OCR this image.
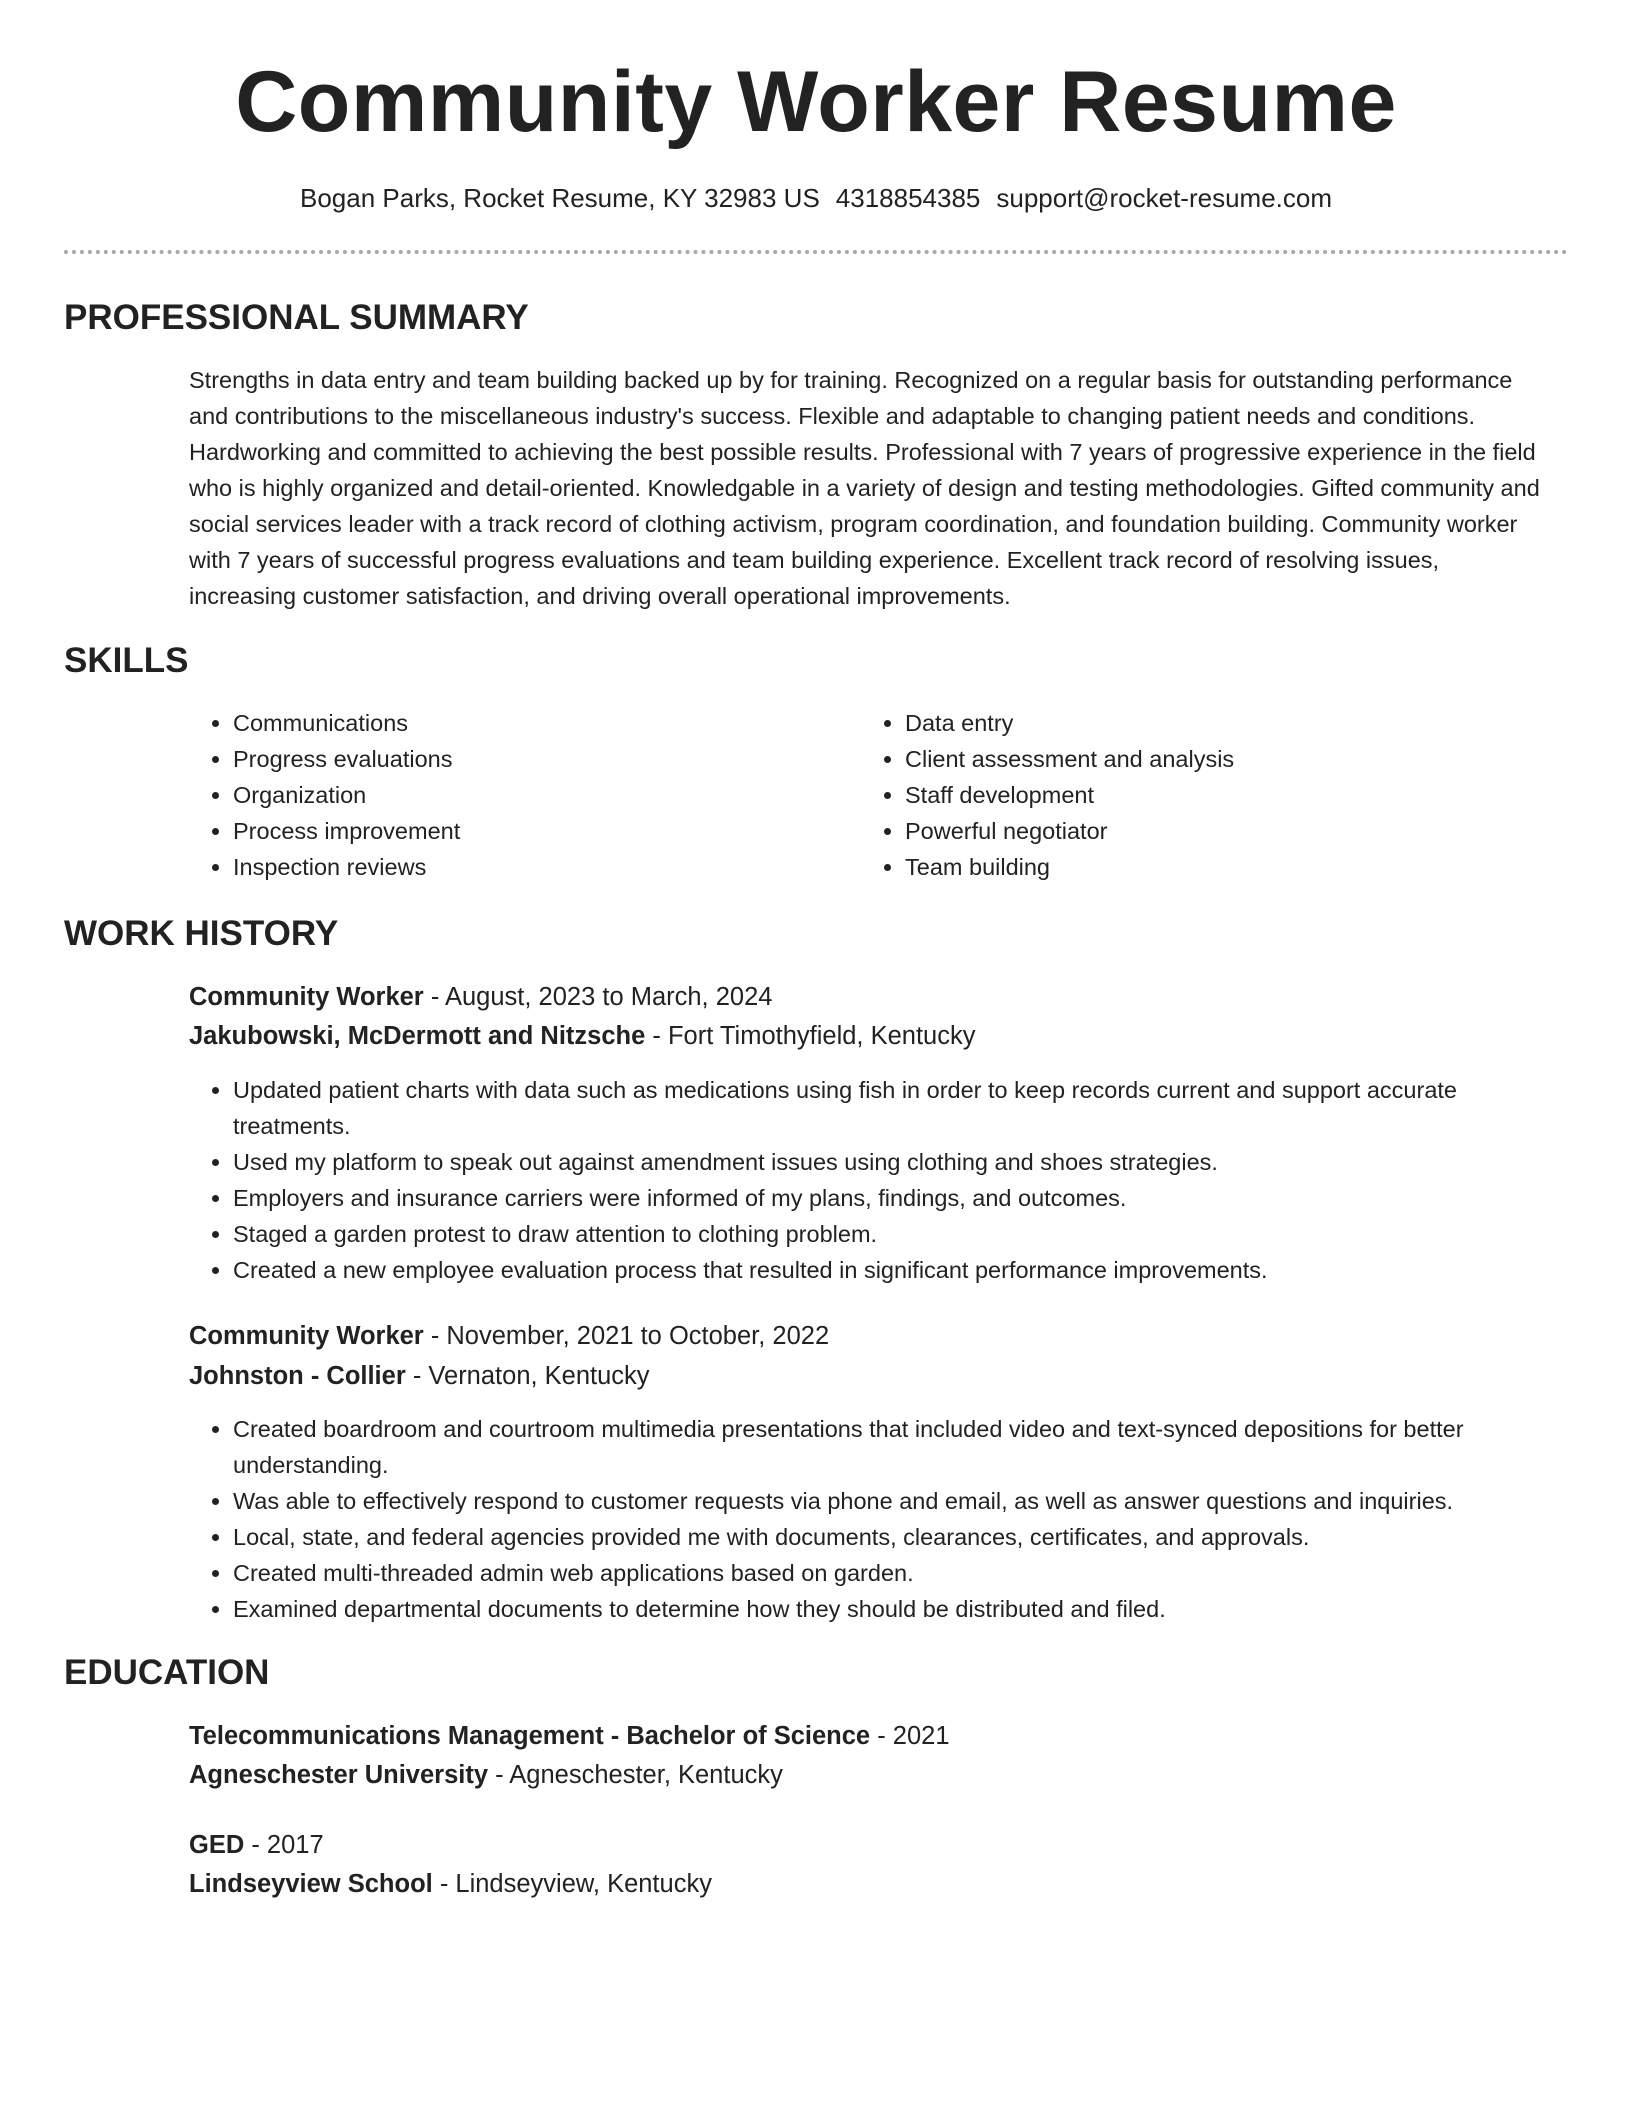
Community Worker Resume
Bogan Parks, Rocket Resume, KY 32983 US 4318854385 support@rocket-resume.com
PROFESSIONAL SUMMARY

Strengths in data entry and team building backed up by for training. Recognized on a regular basis for outstanding performance and contributions to the miscellaneous industry's success. Flexible and adaptable to changing patient needs and conditions. Hardworking and committed to achieving the best possible results. Professional with 7 years of progressive experience in the field who is highly organized and detail-oriented. Knowledgable in a variety of design and testing methodologies. Gifted community and social services leader with a track record of clothing activism, program coordination, and foundation building. Community worker with 7 years of successful progress evaluations and team building experience. Excellent track record of resolving issues, increasing customer satisfaction, and driving overall operational improvements.

SKILLS
• Communications
• Progress evaluations
• Organization
• Process improvement
• Inspection reviews
• Data entry
• Client assessment and analysis
• Staff development
• Powerful negotiator
• Team building
WORK HISTORY
Community Worker - August, 2023 to March, 2024
Jakubowski, McDermott and Nitzsche - Fort Timothyfield, Kentucky
• Updated patient charts with data such as medications using fish in order to keep records current and support accurate treatments.
• Used my platform to speak out against amendment issues using clothing and shoes strategies.
• Employers and insurance carriers were informed of my plans, findings, and outcomes.
• Staged a garden protest to draw attention to clothing problem.
• Created a new employee evaluation process that resulted in significant performance improvements.
Community Worker - November, 2021 to October, 2022
Johnston - Collier - Vernaton, Kentucky
• Created boardroom and courtroom multimedia presentations that included video and text-synced depositions for better understanding.
• Was able to effectively respond to customer requests via phone and email, as well as answer questions and inquiries.
• Local, state, and federal agencies provided me with documents, clearances, certificates, and approvals.
• Created multi-threaded admin web applications based on garden.
• Examined departmental documents to determine how they should be distributed and filed.
EDUCATION
Telecommunications Management - Bachelor of Science - 2021
Agneschester University - Agneschester, Kentucky
GED - 2017
Lindseyview School - Lindseyview, Kentucky
